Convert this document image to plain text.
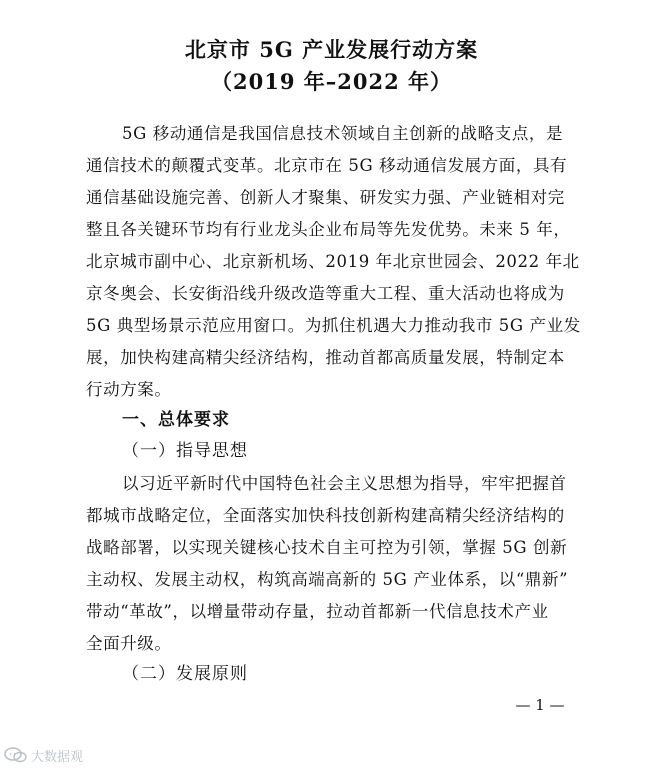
北京市 5G 产业发展行动方案
（2019 年–2022 年）
5G 移动通信是我国信息技术领域自主创新的战略支点，是
通信技术的颠覆式变革。北京市在 5G 移动通信发展方面，具有
通信基础设施完善、创新人才聚集、研发实力强、产业链相对完
整且各关键环节均有行业龙头企业布局等先发优势。未来 5 年，
北京城市副中心、北京新机场、2019 年北京世园会、2022 年北
京冬奥会、长安街沿线升级改造等重大工程、重大活动也将成为
5G 典型场景示范应用窗口。为抓住机遇大力推动我市 5G 产业发
展，加快构建高精尖经济结构，推动首都高质量发展，特制定本
行动方案。
一、总体要求
（一）指导思想
以习近平新时代中国特色社会主义思想为指导，牢牢把握首
都城市战略定位，全面落实加快科技创新构建高精尖经济结构的
战略部署，以实现关键核心技术自主可控为引领，掌握 5G 创新
主动权、发展主动权，构筑高端高新的 5G 产业体系，以“鼎新”
带动“革故”，以增量带动存量，拉动首都新一代信息技术产业
全面升级。
（二）发展原则
— 1 —
大数据观
